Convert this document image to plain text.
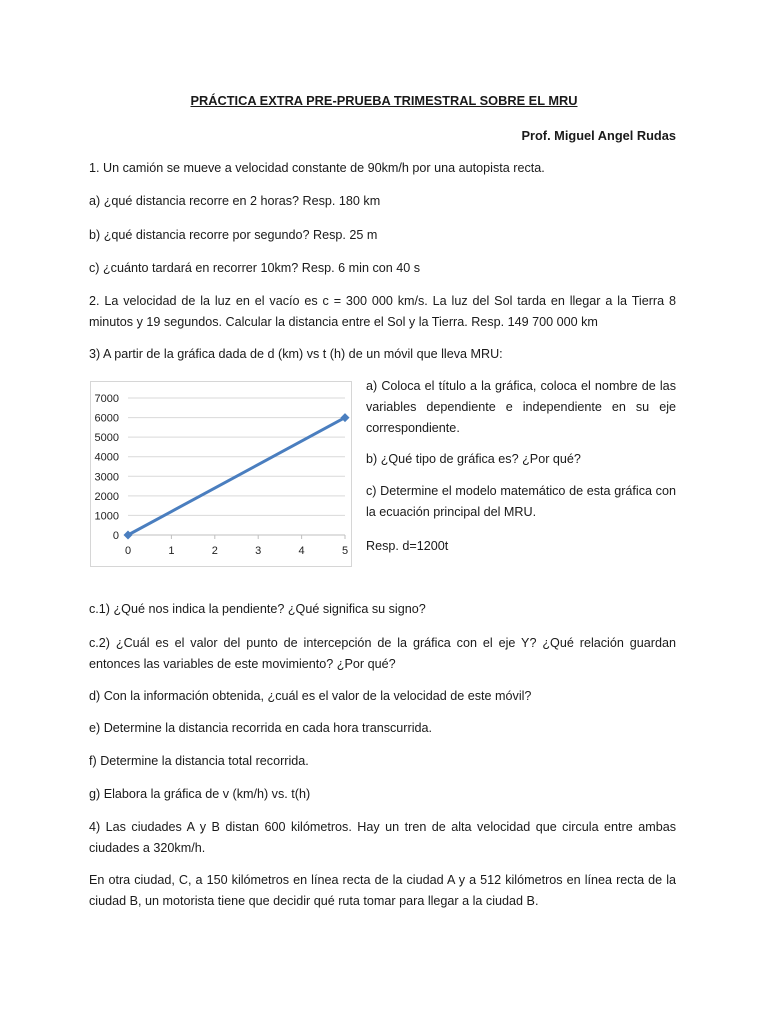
PRÁCTICA EXTRA PRE-PRUEBA TRIMESTRAL SOBRE EL MRU
Prof. Miguel Angel Rudas

1. Un camión se mueve a velocidad constante de 90km/h por una autopista recta.

a) ¿qué distancia recorre en 2 horas? Resp. 180 km

b) ¿qué distancia recorre por segundo? Resp. 25 m

c) ¿cuánto tardará en recorrer 10km? Resp. 6 min con 40 s

2. La velocidad de la luz en el vacío es c = 300 000 km/s. La luz del Sol tarda en llegar a la Tierra 8 minutos y 19 segundos. Calcular la distancia entre el Sol y la Tierra. Resp. 149 700 000 km

3) A partir de la gráfica dada de d (km) vs t (h) de un móvil que lleva MRU:

0
1000
2000
3000
4000
5000
6000
7000
0	1	2	3	4	5

a) Coloca el título a la gráfica, coloca el nombre de las variables dependiente e independiente en su eje correspondiente.

b) ¿Qué tipo de gráfica es? ¿Por qué?

c) Determine el modelo matemático de esta gráfica con la ecuación principal del MRU.

Resp. d=1200t

c.1) ¿Qué nos indica la pendiente? ¿Qué significa su signo?

c.2) ¿Cuál es el valor del punto de intercepción de la gráfica con el eje Y? ¿Qué relación guardan entonces las variables de este movimiento? ¿Por qué?

d) Con la información obtenida, ¿cuál es el valor de la velocidad de este móvil?

e) Determine la distancia recorrida en cada hora transcurrida.

f) Determine la distancia total recorrida.

g) Elabora la gráfica de v (km/h) vs. t(h)

4) Las ciudades A y B distan 600 kilómetros. Hay un tren de alta velocidad que circula entre ambas ciudades a 320km/h.

En otra ciudad, C, a 150 kilómetros en línea recta de la ciudad A y a 512 kilómetros en línea recta de la ciudad B, un motorista tiene que decidir qué ruta tomar para llegar a la ciudad B.
